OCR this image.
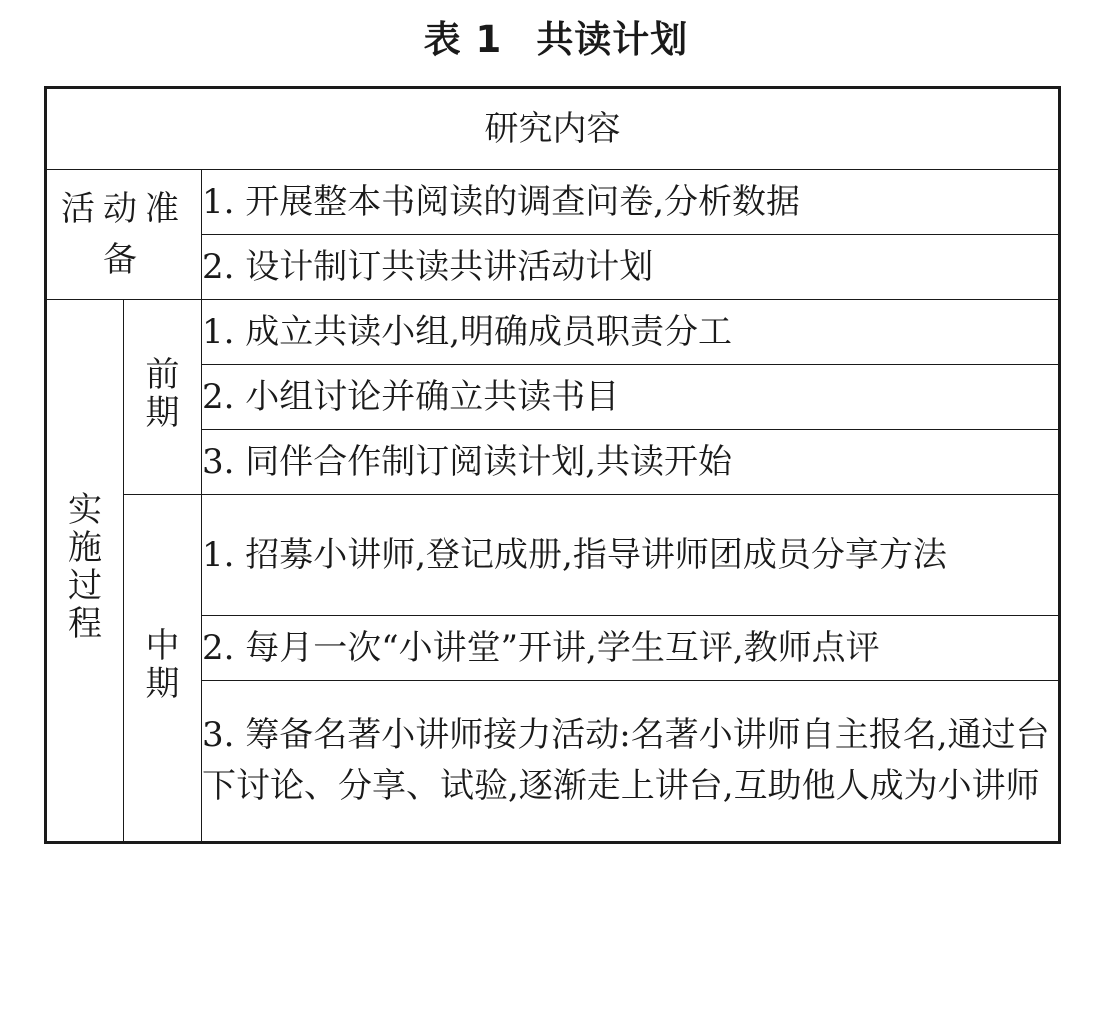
表 1 共读计划
研究内容		
活动准备		1. 开展整本书阅读的调查问卷,分析数据
		2. 设计制订共读共讲活动计划
实施过程	前期	1. 成立共读小组,明确成员职责分工
		2. 小组讨论并确立共读书目
		3. 同伴合作制订阅读计划,共读开始
	中期	1. 招募小讲师,登记成册,指导讲师团成员分享方法
		2. 每月一次“小讲堂”开讲,学生互评,教师点评
		3. 筹备名著小讲师接力活动:名著小讲师自主报名,通过台下讨论、分享、试验,逐渐走上讲台,互助他人成为小讲师
